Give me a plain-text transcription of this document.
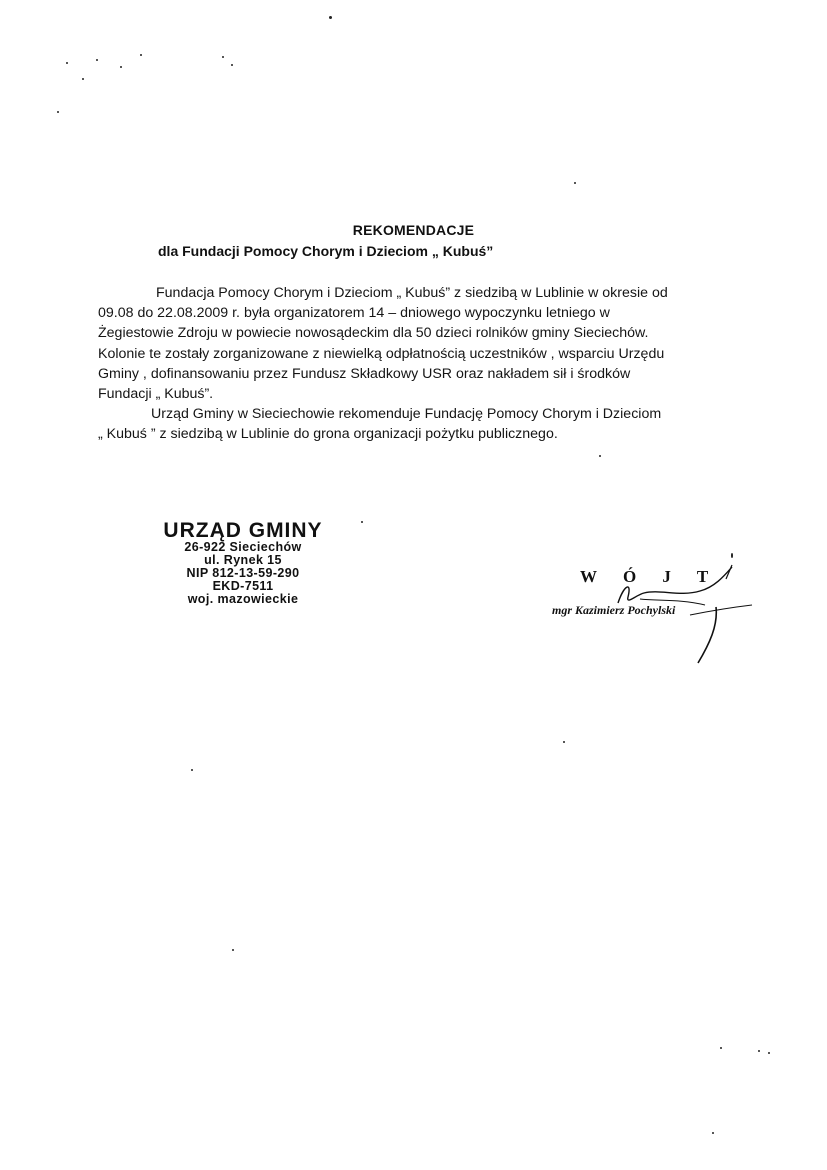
REKOMENDACJE
dla Fundacji Pomocy Chorym i Dzieciom „ Kubuś”
Fundacja Pomocy Chorym i Dzieciom „ Kubuś” z siedzibą w Lublinie w okresie od
09.08 do 22.08.2009 r. była organizatorem 14 – dniowego wypoczynku letniego w
Żegiestowie Zdroju w powiecie nowosądeckim dla 50 dzieci rolników gminy Sieciechów.
Kolonie te zostały zorganizowane z niewielką odpłatnością uczestników , wsparciu Urzędu
Gminy , dofinansowaniu przez Fundusz Składkowy USR oraz nakładem sił i środków
Fundacji „ Kubuś”.
Urząd Gminy w Sieciechowie rekomenduje Fundację Pomocy Chorym i Dzieciom
„ Kubuś ” z siedzibą w Lublinie do grona organizacji pożytku publicznego.
URZĄD GMINY
26-922 Sieciechów
ul. Rynek 15
NIP 812-13-59-290
EKD-7511
woj. mazowieckie
W Ó J T
mgr Kazimierz Pochylski
